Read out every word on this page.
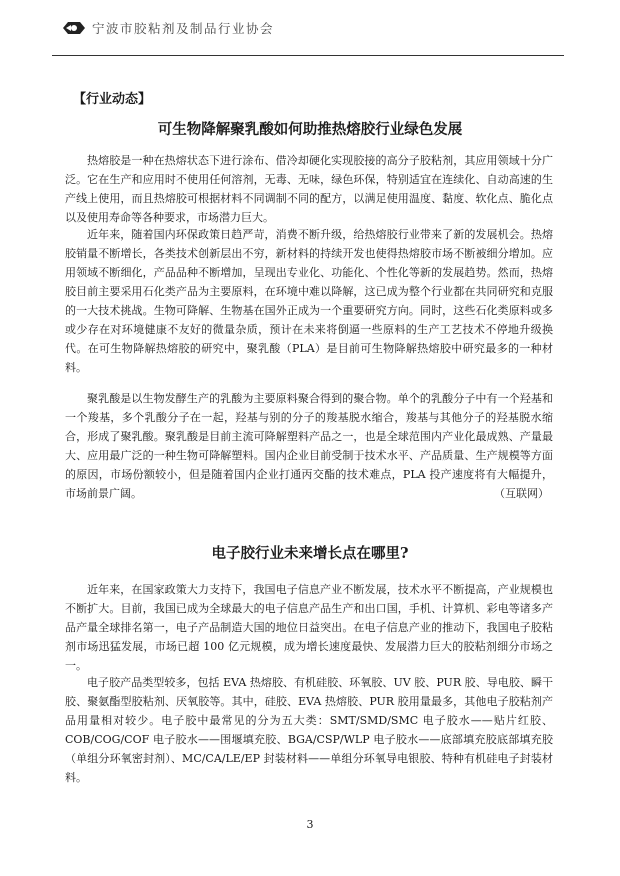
宁波市胶粘剂及制品行业协会
【行业动态】
可生物降解聚乳酸如何助推热熔胶行业绿色发展

热熔胶是一种在热熔状态下进行涂布、借冷却硬化实现胶接的高分子胶粘剂，其应用领域十分广泛。它在生产和应用时不使用任何溶剂，无毒、无味，绿色环保，特别适宜在连续化、自动高速的生产线上使用，而且热熔胶可根据材料不同调制不同的配方，以满足使用温度、黏度、软化点、脆化点以及使用寿命等各种要求，市场潜力巨大。

近年来，随着国内环保政策日趋严苛，消费不断升级，给热熔胶行业带来了新的发展机会。热熔胶销量不断增长，各类技术创新层出不穷，新材料的持续开发也使得热熔胶市场不断被细分增加。应用领域不断细化，产品品种不断增加，呈现出专业化、功能化、个性化等新的发展趋势。然而，热熔胶目前主要采用石化类产品为主要原料，在环境中难以降解，这已成为整个行业都在共同研究和克服的一大技术挑战。生物可降解、生物基在国外正成为一个重要研究方向。同时，这些石化类原料或多或少存在对环境健康不友好的微量杂质，预计在未来将倒逼一些原料的生产工艺技术不停地升级换代。在可生物降解热熔胶的研究中，聚乳酸（PLA）是目前可生物降解热熔胶中研究最多的一种材料。

聚乳酸是以生物发酵生产的乳酸为主要原料聚合得到的聚合物。单个的乳酸分子中有一个羟基和一个羧基，多个乳酸分子在一起，羟基与别的分子的羧基脱水缩合，羧基与其他分子的羟基脱水缩合，形成了聚乳酸。聚乳酸是目前主流可降解塑料产品之一，也是全球范围内产业化最成熟、产量最大、应用最广泛的一种生物可降解塑料。国内企业目前受制于技术水平、产品质量、生产规模等方面的原因，市场份额较小，但是随着国内企业打通丙交酯的技术难点，PLA 投产速度将有大幅提升，市场前景广阔。	（互联网）
电子胶行业未来增长点在哪里?

近年来，在国家政策大力支持下，我国电子信息产业不断发展，技术水平不断提高，产业规模也不断扩大。目前，我国已成为全球最大的电子信息产品生产和出口国，手机、计算机、彩电等诸多产品产量全球排名第一，电子产品制造大国的地位日益突出。在电子信息产业的推动下，我国电子胶粘剂市场迅猛发展，市场已超 100 亿元规模，成为增长速度最快、发展潜力巨大的胶粘剂细分市场之一。

电子胶产品类型较多，包括 EVA 热熔胶、有机硅胶、环氧胶、UV 胶、PUR 胶、导电胶、瞬干胶、聚氨酯型胶粘剂、厌氧胶等。其中，硅胶、EVA 热熔胶、PUR 胶用量最多，其他电子胶粘剂产品用量相对较少。电子胶中最常见的分为五大类：SMT/SMD/SMC 电子胶水——贴片红胶、COB/COG/COF 电子胶水——围堰填充胶、BGA/CSP/WLP 电子胶水——底部填充胶底部填充胶（单组分环氧密封剂）、MC/CA/LE/EP 封装材料——单组分环氧导电银胶、特种有机硅电子封装材料。

3
